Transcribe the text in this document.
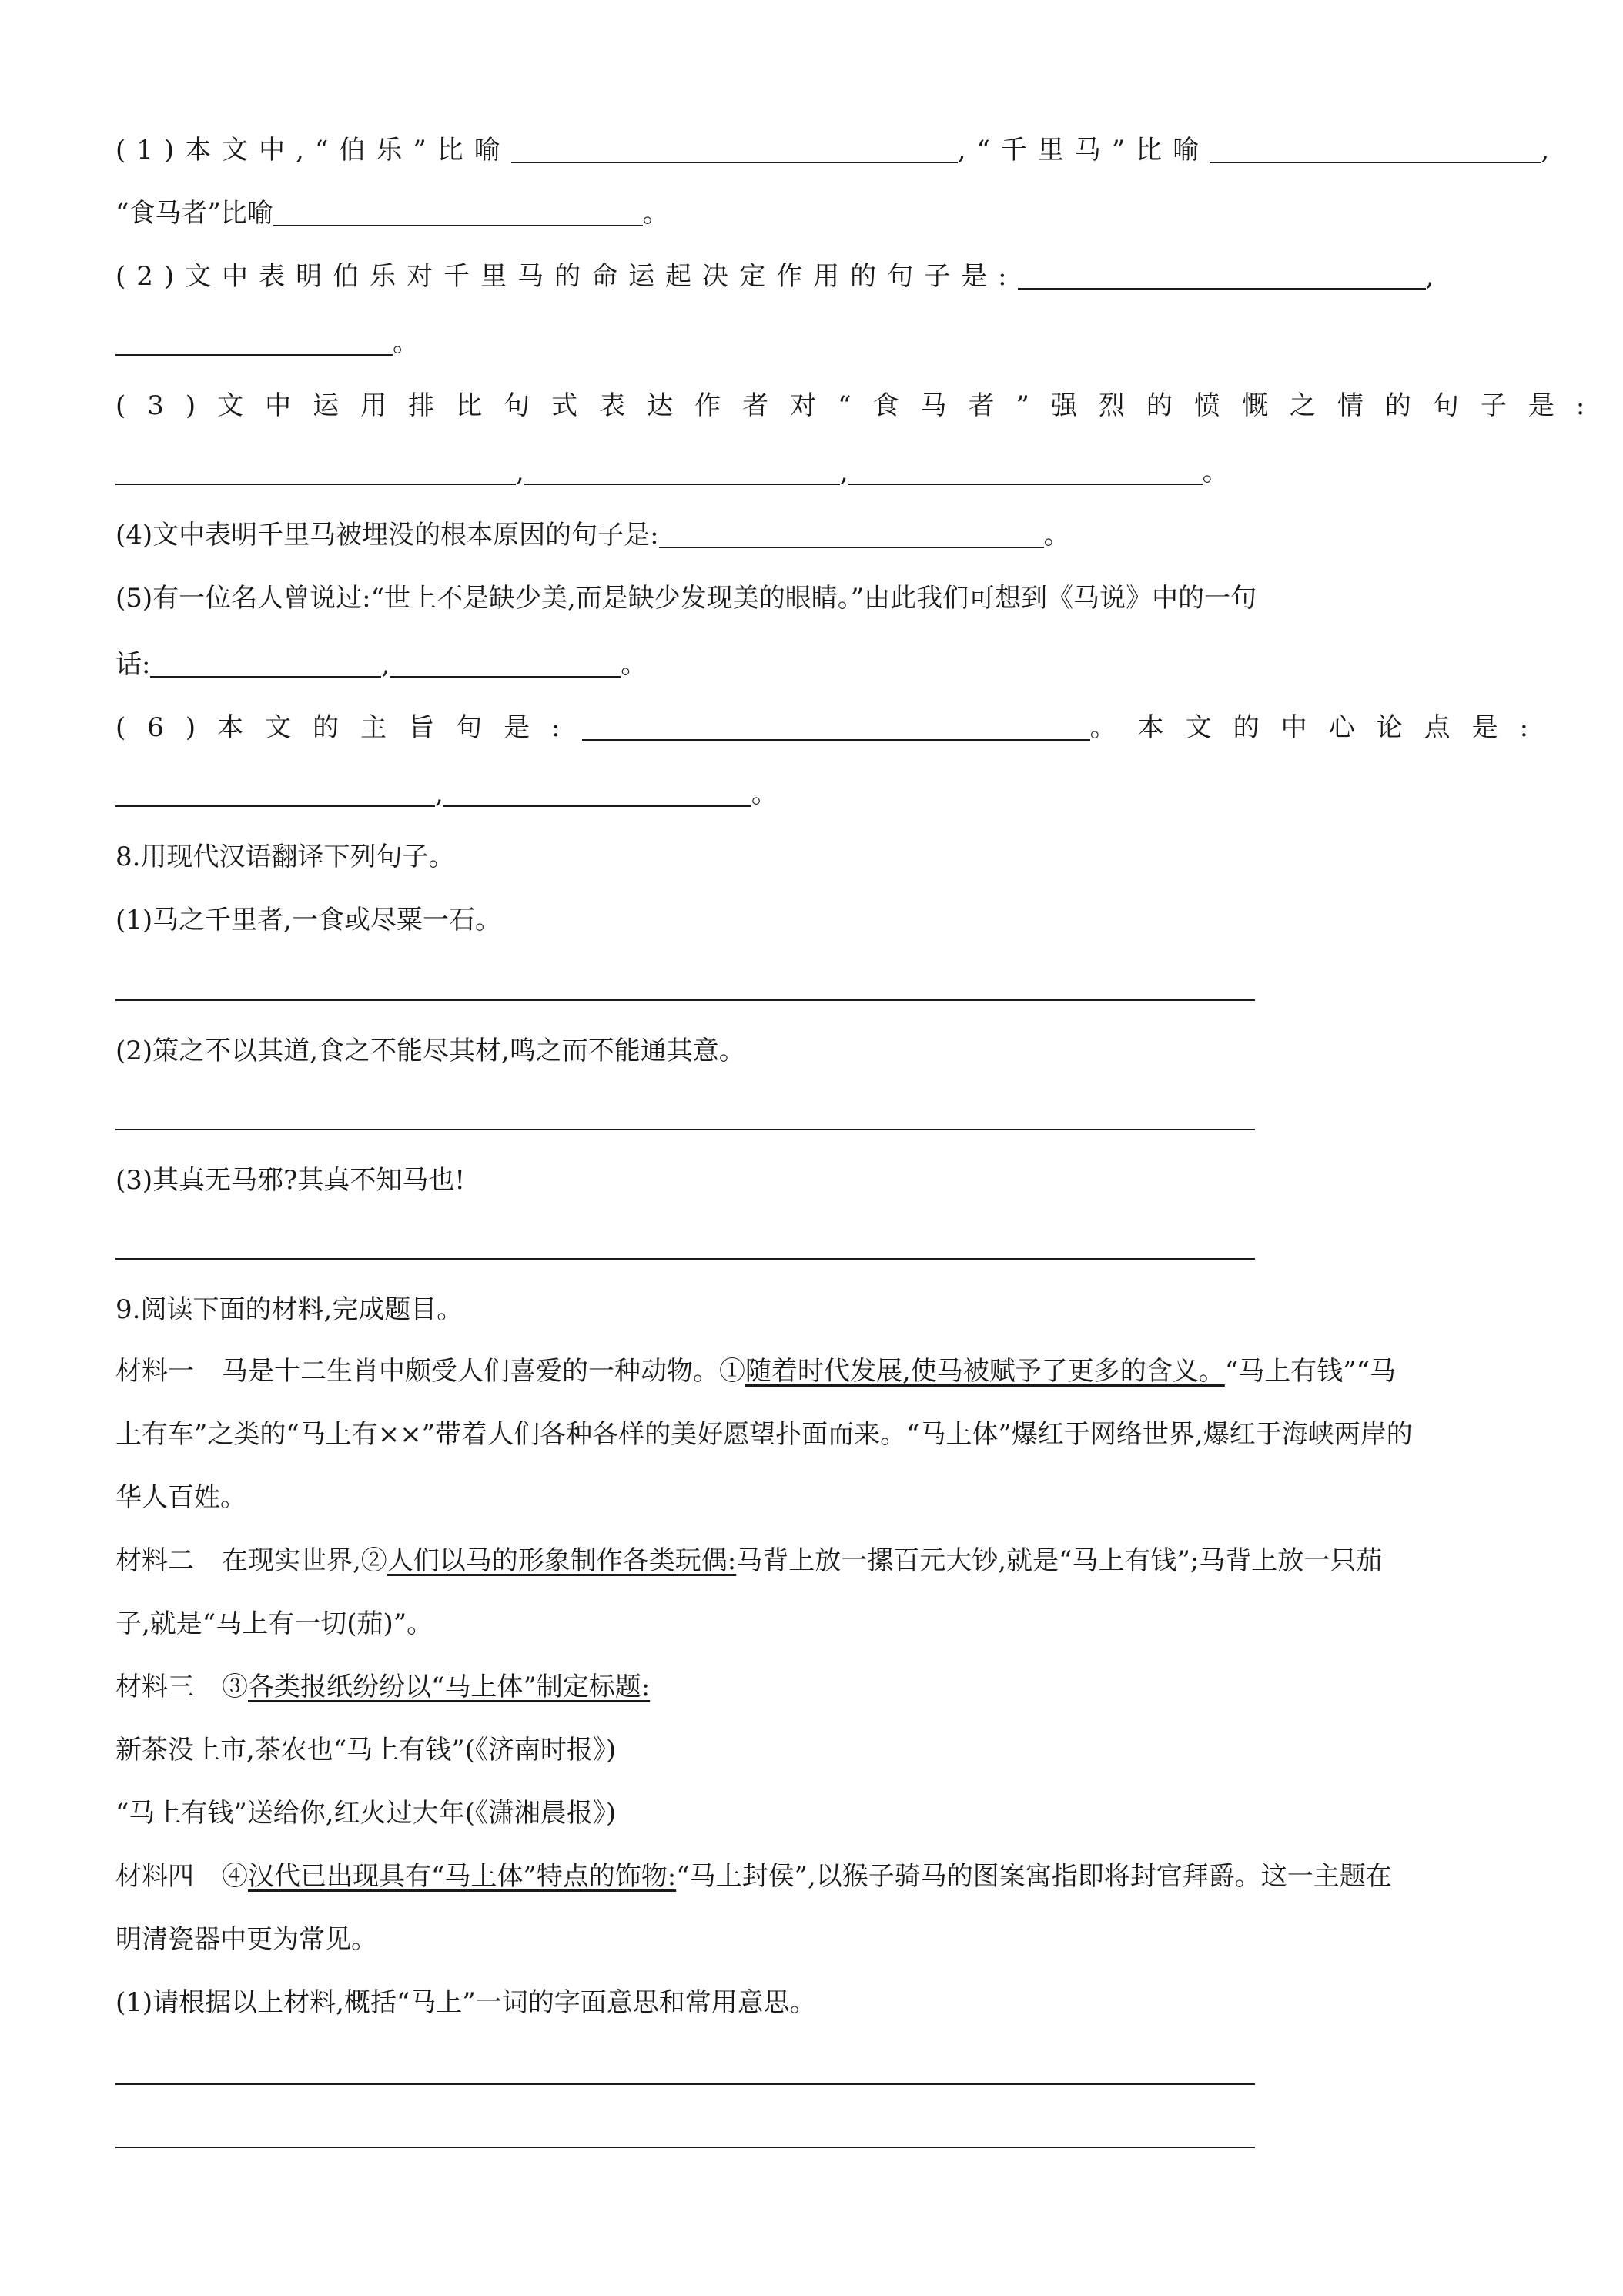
(1)本文中,“伯乐”比喻	,“千里马”比喻	,
“食马者”比喻	。
(2)文中表明伯乐对千里马的命运起决定作用的句子是:	,
。
(3)文中运用排比句式表达作者对“食马者”强烈的愤慨之情的句子是:
,	,	。
(4)文中表明千里马被埋没的根本原因的句子是:	。
(5)有一位名人曾说过:“世上不是缺少美,而是缺少发现美的眼睛。”由此我们可想到《马说》中的一句
话:	,	。
(6)本文的主旨句是:	。本文的中心论点是:
,	。
8.用现代汉语翻译下列句子。
(1)马之千里者,一食或尽粟一石。
(2)策之不以其道,食之不能尽其材,鸣之而不能通其意。
(3)其真无马邪?其真不知马也!
9.阅读下面的材料,完成题目。
材料一 马是十二生肖中颇受人们喜爱的一种动物。①随着时代发展,使马被赋予了更多的含义。“马上有钱”“马
上有车”之类的“马上有××”带着人们各种各样的美好愿望扑面而来。“马上体”爆红于网络世界,爆红于海峡两岸的
华人百姓。
材料二 在现实世界,②人们以马的形象制作各类玩偶:马背上放一摞百元大钞,就是“马上有钱”;马背上放一只茄
子,就是“马上有一切(茄)”。
材料三 ③各类报纸纷纷以“马上体”制定标题:
新茶没上市,茶农也“马上有钱”(《济南时报》)
“马上有钱”送给你,红火过大年(《潇湘晨报》)
材料四 ④汉代已出现具有“马上体”特点的饰物:“马上封侯”,以猴子骑马的图案寓指即将封官拜爵。这一主题在
明清瓷器中更为常见。
(1)请根据以上材料,概括“马上”一词的字面意思和常用意思。
